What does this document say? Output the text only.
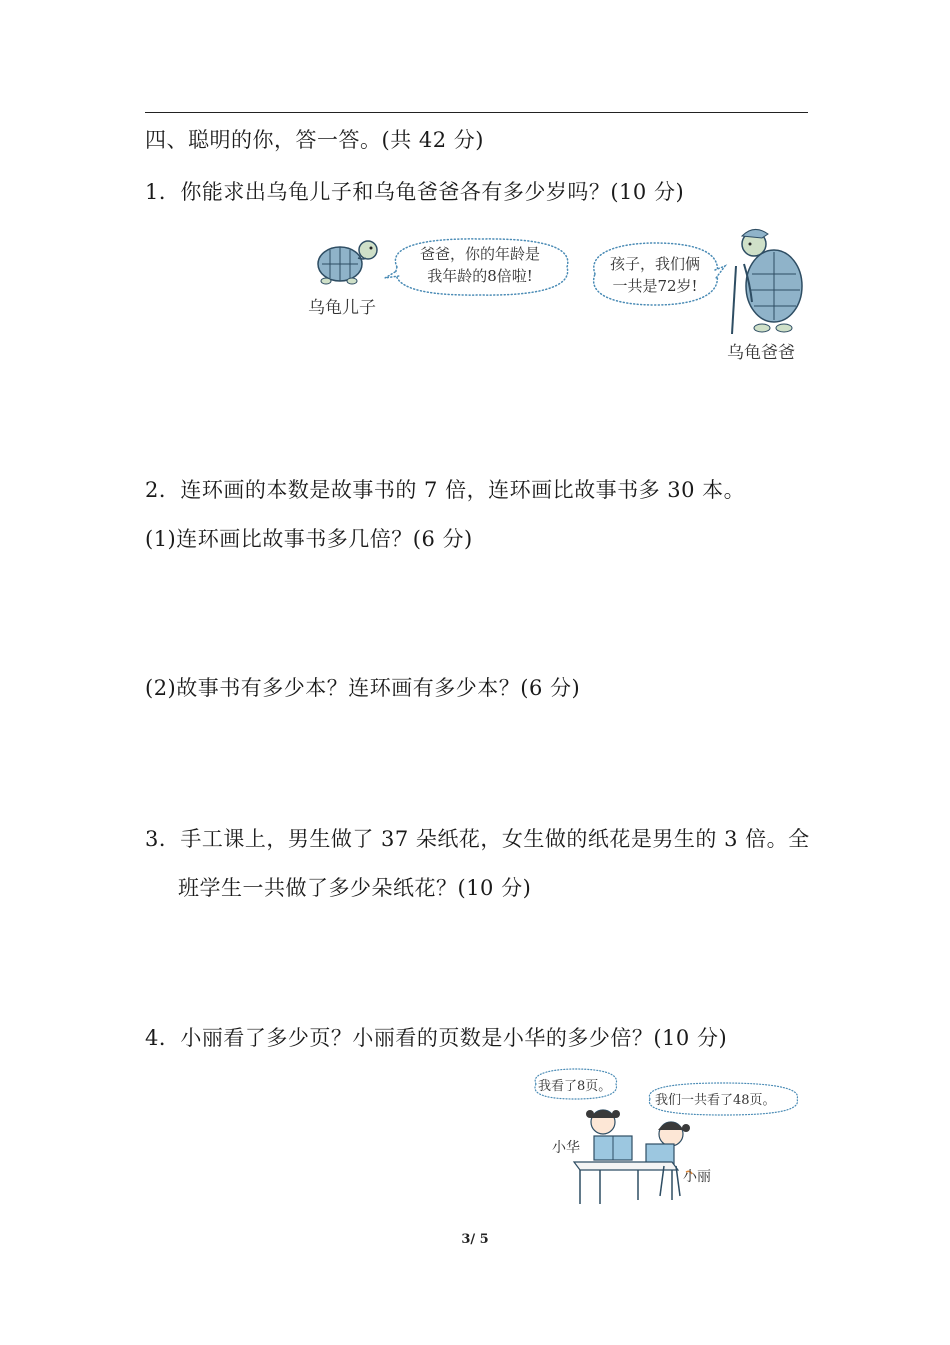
四、聪明的你，答一答。(共 42 分)
1．你能求出乌龟儿子和乌龟爸爸各有多少岁吗？(10 分)
乌龟儿子
爸爸，你的年龄是
我年龄的8倍啦!
孩子，我们俩
一共是72岁!
乌龟爸爸
2．连环画的本数是故事书的 7 倍，连环画比故事书多 30 本。
(1)连环画比故事书多几倍？(6 分)
(2)故事书有多少本？连环画有多少本？(6 分)
3．手工课上，男生做了 37 朵纸花，女生做的纸花是男生的 3 倍。全
班学生一共做了多少朵纸花？(10 分)
4．小丽看了多少页？小丽看的页数是小华的多少倍？(10 分)
我看了8页。
我们一共看了48页。
小华
小丽
3/ 5
